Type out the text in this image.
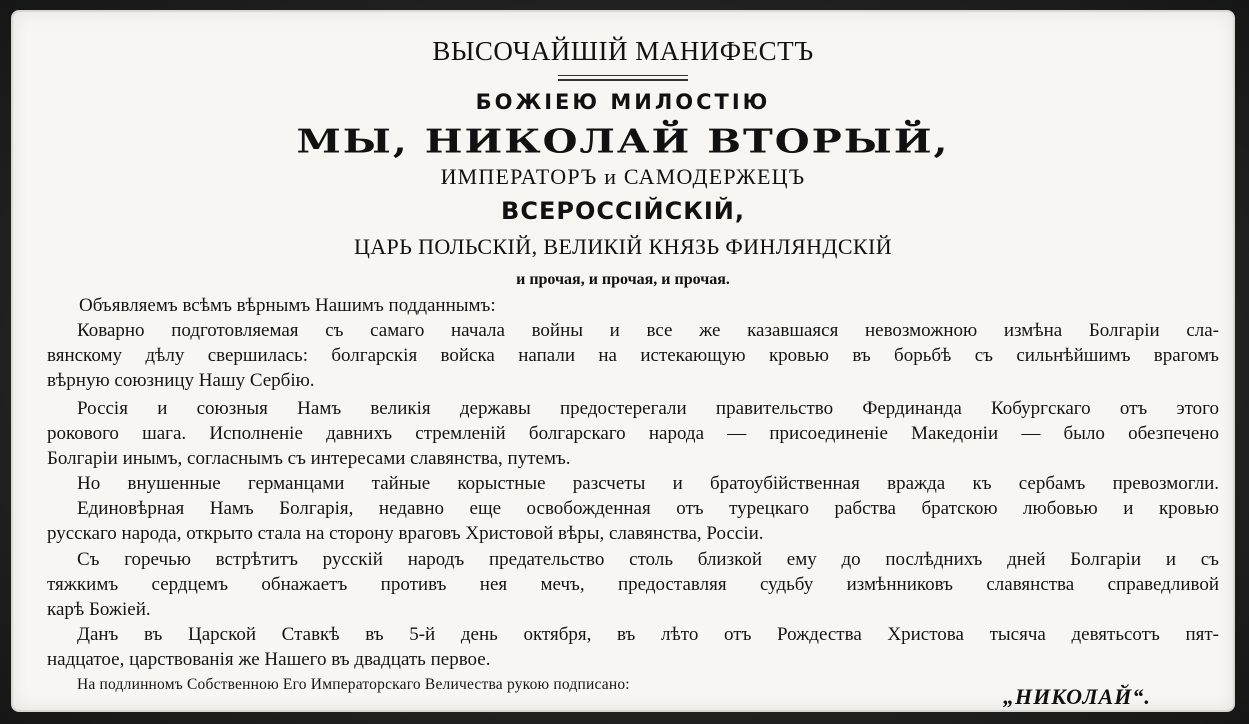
ВЫСОЧАЙШІЙ МАНИФЕСТЪ
БОЖІЕЮ МИЛОСТІЮ
МЫ, НИКОЛАЙ ВТОРЫЙ,
ИМПЕРАТОРЪ и САМОДЕРЖЕЦЪ
ВСЕРОССІЙСКІЙ,
ЦАРЬ ПОЛЬСКІЙ, ВЕЛИКІЙ КНЯЗЬ ФИНЛЯНДСКІЙ
и прочая, и прочая, и прочая.
Объявляемъ всѣмъ вѣрнымъ Нашимъ подданнымъ:
Коварно подготовляемая съ самаго начала войны и все же казавшаяся невозможною измѣна Болгаріи сла-
вянскому дѣлу свершилась: болгарскія войска напали на истекающую кровью въ борьбѣ съ сильнѣйшимъ врагомъ
вѣрную союзницу Нашу Сербію.
Россія и союзныя Намъ великія державы предостерегали правительство Фердинанда Кобургскаго отъ этого
рокового шага. Исполненіе давнихъ стремленій болгарскаго народа — присоединеніе Македоніи — было обезпечено
Болгаріи инымъ, согласнымъ съ интересами славянства, путемъ.
Но внушенные германцами тайные корыстные разсчеты и братоубійственная вражда къ сербамъ превозмогли.
Единовѣрная Намъ Болгарія, недавно еще освобожденная отъ турецкаго рабства братскою любовью и кровью
русскаго народа, открыто стала на сторону враговъ Христовой вѣры, славянства, Россіи.
Съ горечью встрѣтитъ русскій народъ предательство столь близкой ему до послѣднихъ дней Болгаріи и съ
тяжкимъ сердцемъ обнажаетъ противъ нея мечъ, предоставляя судьбу измѣнниковъ славянства справедливой
карѣ Божіей.
Данъ въ Царской Ставкѣ въ 5-й день октября, въ лѣто отъ Рождества Христова тысяча девятьсотъ пят-
надцатое, царствованія же Нашего въ двадцать первое.
На подлинномъ Собственною Его Императорскаго Величества рукою подписано:	„НИКОЛАЙ“.
